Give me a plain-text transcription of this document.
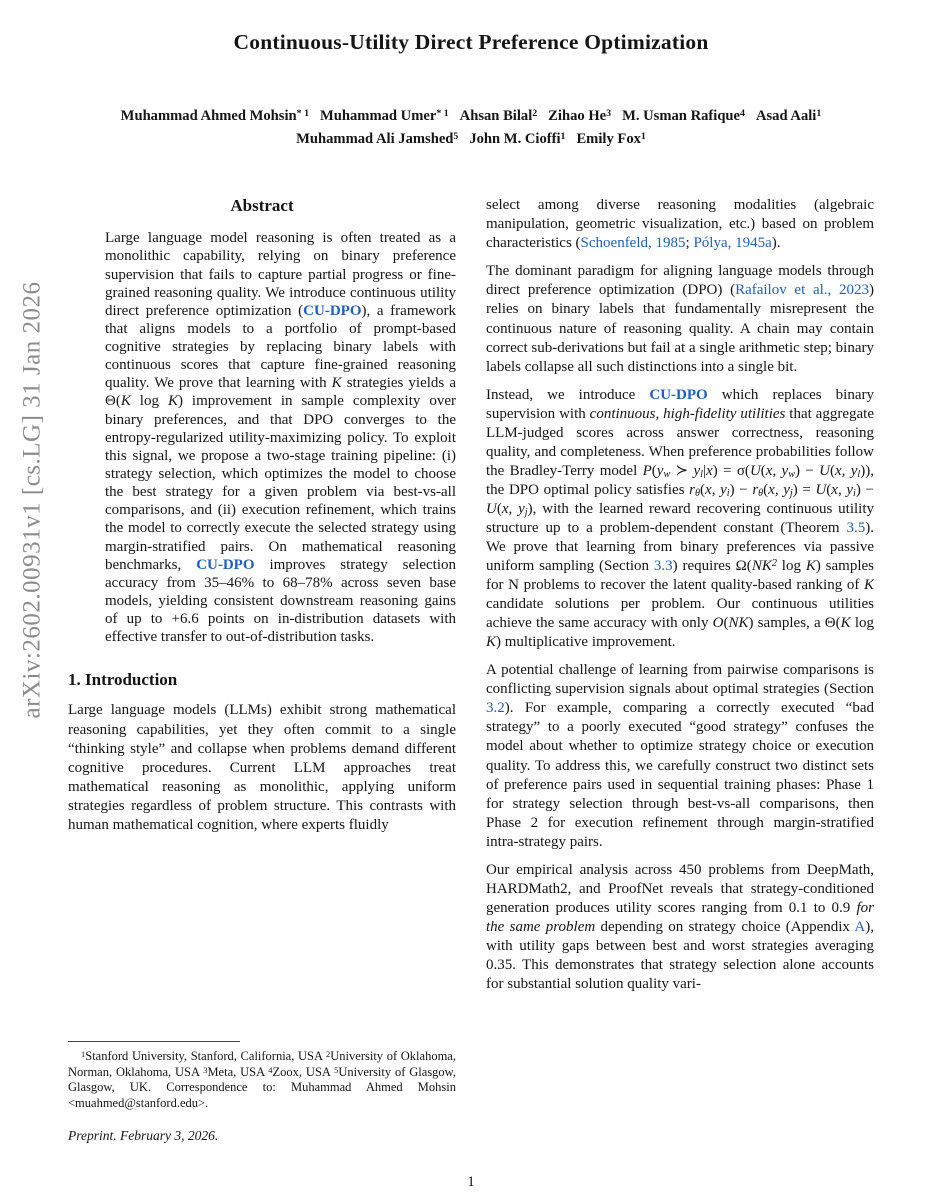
arXiv:2602.00931v1 [cs.LG] 31 Jan 2026
Continuous-Utility Direct Preference Optimization
Muhammad Ahmed Mohsin$^{* 1}$ Muhammad Umer$^{* 1}$ Ahsan Bilal$^2$ Zihao He$^3$ M. Usman Rafique$^4$ Asad Aali$^1$
Muhammad Ali Jamshed$^5$ John M. Cioffi$^1$ Emily Fox$^1$
Abstract
Large language model reasoning is often treated as a monolithic capability, relying on binary preference supervision that fails to capture partial progress or fine-grained reasoning quality. We introduce continuous utility direct preference optimization (CU-DPO), a framework that aligns models to a portfolio of prompt-based cognitive strategies by replacing binary labels with continuous scores that capture fine-grained reasoning quality. We prove that learning with K strategies yields a Θ(K log K) improvement in sample complexity over binary preferences, and that DPO converges to the entropy-regularized utility-maximizing policy. To exploit this signal, we propose a two-stage training pipeline: (i) strategy selection, which optimizes the model to choose the best strategy for a given problem via best-vs-all comparisons, and (ii) execution refinement, which trains the model to correctly execute the selected strategy using margin-stratified pairs. On mathematical reasoning benchmarks, CU-DPO improves strategy selection accuracy from 35–46% to 68–78% across seven base models, yielding consistent downstream reasoning gains of up to +6.6 points on in-distribution datasets with effective transfer to out-of-distribution tasks.
1. Introduction

Large language models (LLMs) exhibit strong mathematical reasoning capabilities, yet they often commit to a single “thinking style” and collapse when problems demand different cognitive procedures. Current LLM approaches treat mathematical reasoning as monolithic, applying uniform strategies regardless of problem structure. This contrasts with human mathematical cognition, where experts fluidly

$^1$Stanford University, Stanford, California, USA $^2$University of Oklahoma, Norman, Oklahoma, USA $^3$Meta, USA $^4$Zoox, USA $^5$University of Glasgow, Glasgow, UK. Correspondence to: Muhammad Ahmed Mohsin <muahmed@stanford.edu>.

Preprint. February 3, 2026.

select among diverse reasoning modalities (algebraic manipulation, geometric visualization, etc.) based on problem characteristics (Schoenfeld, 1985; Pólya, 1945a).

The dominant paradigm for aligning language models through direct preference optimization (DPO) (Rafailov et al., 2023) relies on binary labels that fundamentally misrepresent the continuous nature of reasoning quality. A chain may contain correct sub-derivations but fail at a single arithmetic step; binary labels collapse all such distinctions into a single bit.

Instead, we introduce CU-DPO which replaces binary supervision with continuous, high-fidelity utilities that aggregate LLM-judged scores across answer correctness, reasoning quality, and completeness. When preference probabilities follow the Bradley-Terry model P(yw ≻ yl|x) = σ(U(x, yw) − U(x, yl)), the DPO optimal policy satisfies rθ(x, yi) − rθ(x, yj) = U(x, yi) − U(x, yj), with the learned reward recovering continuous utility structure up to a problem-dependent constant (Theorem 3.5). We prove that learning from binary preferences via passive uniform sampling (Section 3.3) requires $\Omega(NK^2$ log K) samples for N problems to recover the latent quality-based ranking of K candidate solutions per problem. Our continuous utilities achieve the same accuracy with only O(NK) samples, a Θ(K log K) multiplicative improvement.

A potential challenge of learning from pairwise comparisons is conflicting supervision signals about optimal strategies (Section 3.2). For example, comparing a correctly executed “bad strategy” to a poorly executed “good strategy” confuses the model about whether to optimize strategy choice or execution quality. To address this, we carefully construct two distinct sets of preference pairs used in sequential training phases: Phase 1 for strategy selection through best-vs-all comparisons, then Phase 2 for execution refinement through margin-stratified intra-strategy pairs.

Our empirical analysis across 450 problems from DeepMath, HARDMath2, and ProofNet reveals that strategy-conditioned generation produces utility scores ranging from 0.1 to 0.9 for the same problem depending on strategy choice (Appendix A), with utility gaps between best and worst strategies averaging 0.35. This demonstrates that strategy selection alone accounts for substantial solution quality vari-

1
